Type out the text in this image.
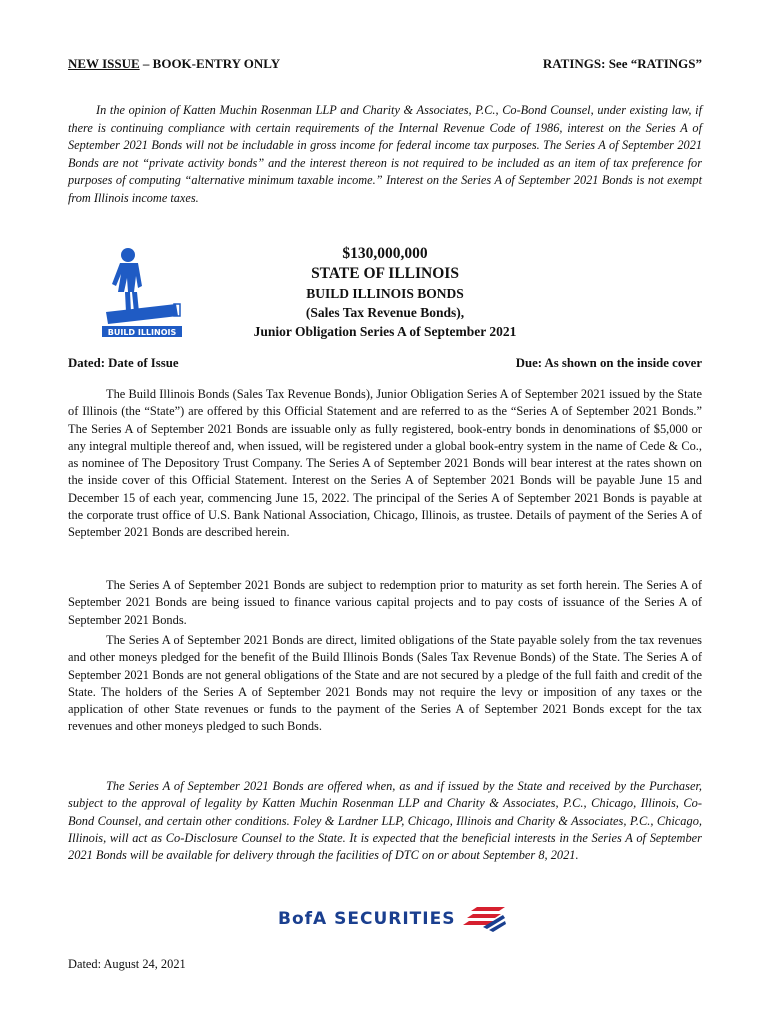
NEW ISSUE – BOOK-ENTRY ONLY	RATINGS: See “RATINGS”

In the opinion of Katten Muchin Rosenman LLP and Charity & Associates, P.C., Co-Bond Counsel, under existing law, if there is continuing compliance with certain requirements of the Internal Revenue Code of 1986, interest on the Series A of September 2021 Bonds will not be includable in gross income for federal income tax purposes. The Series A of September 2021 Bonds are not “private activity bonds” and the interest thereon is not required to be included as an item of tax preference for purposes of computing “alternative minimum taxable income.” Interest on the Series A of September 2021 Bonds is not exempt from Illinois income taxes.

BUILD ILLINOIS
$130,000,000
STATE OF ILLINOIS
BUILD ILLINOIS BONDS
(Sales Tax Revenue Bonds),
Junior Obligation Series A of September 2021
Dated: Date of Issue	Due: As shown on the inside cover

The Build Illinois Bonds (Sales Tax Revenue Bonds), Junior Obligation Series A of September 2021 issued by the State of Illinois (the “State”) are offered by this Official Statement and are referred to as the “Series A of September 2021 Bonds.” The Series A of September 2021 Bonds are issuable only as fully registered, book-entry bonds in denominations of $5,000 or any integral multiple thereof and, when issued, will be registered under a global book-entry system in the name of Cede & Co., as nominee of The Depository Trust Company. The Series A of September 2021 Bonds will bear interest at the rates shown on the inside cover of this Official Statement. Interest on the Series A of September 2021 Bonds will be payable June 15 and December 15 of each year, commencing June 15, 2022. The principal of the Series A of September 2021 Bonds is payable at the corporate trust office of U.S. Bank National Association, Chicago, Illinois, as trustee. Details of payment of the Series A of September 2021 Bonds are described herein.

The Series A of September 2021 Bonds are subject to redemption prior to maturity as set forth herein. The Series A of September 2021 Bonds are being issued to finance various capital projects and to pay costs of issuance of the Series A of September 2021 Bonds.

The Series A of September 2021 Bonds are direct, limited obligations of the State payable solely from the tax revenues and other moneys pledged for the benefit of the Build Illinois Bonds (Sales Tax Revenue Bonds) of the State. The Series A of September 2021 Bonds are not general obligations of the State and are not secured by a pledge of the full faith and credit of the State. The holders of the Series A of September 2021 Bonds may not require the levy or imposition of any taxes or the application of other State revenues or funds to the payment of the Series A of September 2021 Bonds except for the tax revenues and other moneys pledged to such Bonds.

The Series A of September 2021 Bonds are offered when, as and if issued by the State and received by the Purchaser, subject to the approval of legality by Katten Muchin Rosenman LLP and Charity & Associates, P.C., Chicago, Illinois, Co-Bond Counsel, and certain other conditions. Foley & Lardner LLP, Chicago, Illinois and Charity & Associates, P.C., Chicago, Illinois, will act as Co-Disclosure Counsel to the State. It is expected that the beneficial interests in the Series A of September 2021 Bonds will be available for delivery through the facilities of DTC on or about September 8, 2021.

BofA SECURITIES
Dated: August 24, 2021
